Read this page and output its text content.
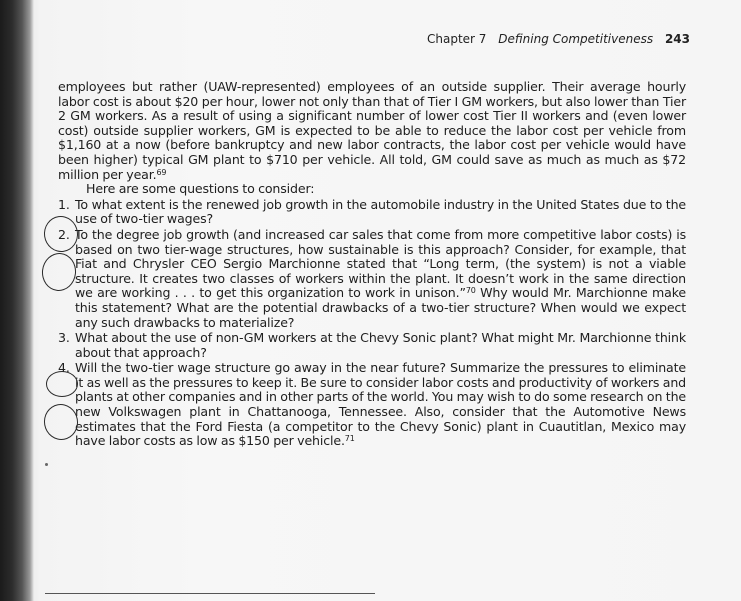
Chapter 7 Defining Competitiveness 243

employees but rather (UAW-represented) employees of an outside supplier. Their average hourly labor cost is about $20 per hour, lower not only than that of Tier I GM workers, but also lower than Tier 2 GM workers. As a result of using a significant number of lower cost Tier II workers and (even lower cost) outside supplier workers, GM is expected to be able to reduce the labor cost per vehicle from $1,160 at a now (before bankruptcy and new labor contracts, the labor cost per vehicle would have been higher) typical GM plant to $710 per vehicle. All told, GM could save as much as much as $72 million per year.$^{69}$

Here are some questions to consider:

1. To what extent is the renewed job growth in the automobile industry in the United States due to the use of two-tier wages?
2. To the degree job growth (and increased car sales that come from more competitive labor costs) is based on two tier-wage structures, how sustainable is this approach? Consider, for example, that Fiat and Chrysler CEO Sergio Marchionne stated that “Long term, (the system) is not a viable structure. It creates two classes of workers within the plant. It doesn’t work in the same direction we are working . . . to get this organization to work in unison.”$^{70}$ Why would Mr. Marchionne make this statement? What are the potential drawbacks of a two-tier structure? When would we expect any such drawbacks to materialize?
3. What about the use of non-GM workers at the Chevy Sonic plant? What might Mr. Marchionne think about that approach?
4. Will the two-tier wage structure go away in the near future? Summarize the pressures to eliminate it as well as the pressures to keep it. Be sure to consider labor costs and productivity of workers and plants at other companies and in other parts of the world. You may wish to do some research on the new Volkswagen plant in Chattanooga, Tennessee. Also, consider that the Automotive News estimates that the Ford Fiesta (a competitor to the Chevy Sonic) plant in Cuautitlan, Mexico may have labor costs as low as $150 per vehicle.$^{71}$
